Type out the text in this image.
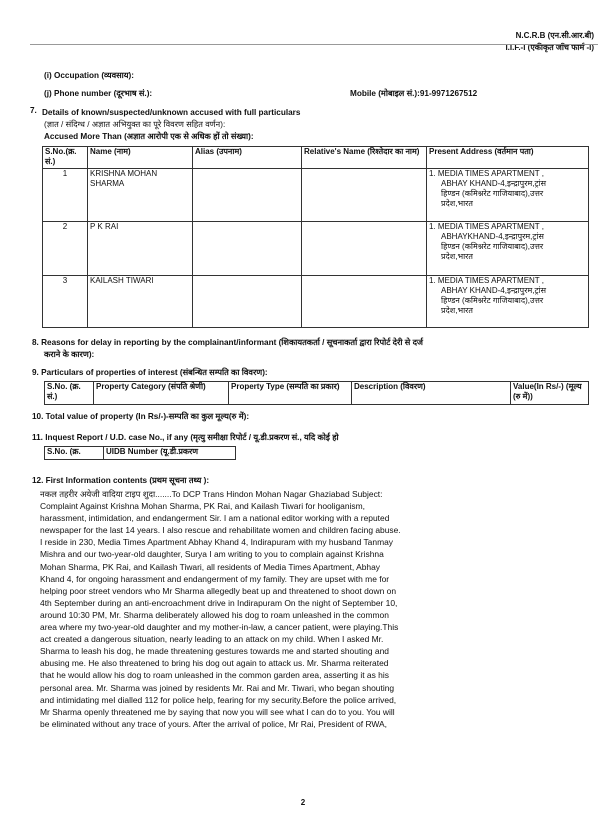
N.C.R.B (एन.सी.आर.बी)
I.I.F.-I (एकीकृत जाँच फार्म -I)
(i) Occupation (व्यवसाय):
(j) Phone number (दूरभाष सं.):	Mobile (मोबाइल सं.):91-9971267512
7. Details of known/suspected/unknown accused with full particulars
(ज्ञात / संदिग्ध / अज्ञात अभियुक्त का पूरे विवरण सहित वर्णन):
Accused More Than (अज्ञात आरोपी एक से अधिक हों तो संख्या):
S.No.(क्र. सं.)	Name (नाम)	Alias (उपनाम)	Relative's Name (रिश्तेदार का नाम)	Present Address (वर्तमान पता)
1	KRISHNA MOHAN SHARMA			1. MEDIA TIMES APARTMENT ,
ABHAY KHAND-4,इन्द्रापुरम,ट्रांस
हिण्डन (कमिश्नरेट गाजियाबाद),उत्तर
प्रदेश,भारत

2	P K RAI			1. MEDIA TIMES APARTMENT ,
ABHAYKHAND-4,इन्द्रापुरम,ट्रांस
हिण्डन (कमिश्नरेट गाजियाबाद),उत्तर
प्रदेश,भारत

3	KAILASH TIWARI			1. MEDIA TIMES APARTMENT ,
ABHAY KHAND-4,इन्द्रापुरम,ट्रांस
हिण्डन (कमिश्नरेट गाजियाबाद),उत्तर
प्रदेश,भारत
8. Reasons for delay in reporting by the complainant/informant (शिकायतकर्ता / सूचनाकर्ता द्वारा रिपोर्ट देरी से दर्ज
कराने के कारण):
9. Particulars of properties of interest (संबन्धित सम्पति का विवरण):
S.No. (क्र. सं.)	Property Category (संपति श्रेणी)	Property Type (सम्पति का प्रकार)	Description (विवरण)	Value(In Rs/-) (मूल्य (रु में))
10. Total value of property (In Rs/-)-सम्पति का कुल मूल्य(रु में):
11. Inquest Report / U.D. case No., if any (मृत्यु समीक्षा रिपोर्ट / यू.डी.प्रकरण सं., यदि कोई हो
S.No. (क्र.	UIDB Number (यू.डी.प्रकरण
12. First Information contents (प्रथम सूचना तथ्य ):
नकल तहरीर अयेजी वादिया टाइप शुदा.......To DCP Trans Hindon Mohan Nagar Ghaziabad Subject:
Complaint Against Krishna Mohan Sharma, PK Rai, and Kailash Tiwari for hooliganism,
harassment, intimidation, and endangerment Sir. I am a national editor working with a reputed
newspaper for the last 14 years. I also rescue and rehabilitate women and children facing abuse.
I reside in 230, Media Times Apartment Abhay Khand 4, Indirapuram with my husband Tanmay
Mishra and our two-year-old daughter, Surya I am writing to you to complain against Krishna
Mohan Sharma, PK Rai, and Kailash Tiwari, all residents of Media Times Apartment, Abhay
Khand 4, for ongoing harassment and endangerment of my family. They are upset with me for
helping poor street vendors who Mr Sharma allegedly beat up and threatened to shoot down on
4th September during an anti-encroachment drive in Indirapuram On the night of September 10,
around 10:30 PM, Mr. Sharma deliberately allowed his dog to roam unleashed in the common
area where my two-year-old daughter and my mother-in-law, a cancer patient, were playing.This
act created a dangerous situation, nearly leading to an attack on my child. When I asked Mr.
Sharma to leash his dog, he made threatening gestures towards me and started shouting and
abusing me. He also threatened to bring his dog out again to attack us. Mr. Sharma reiterated
that he would allow his dog to roam unleashed in the common garden area, asserting it as his
personal area. Mr. Sharma was joined by residents Mr. Rai and Mr. Tiwari, who began shouting
and intimidating meI dialled 112 for police help, fearing for my security.Before the police arrived,
Mr Sharma openly threatened me by saying that now you will see what I can do to you. You will
be eliminated without any trace of yours. After the arrival of police, Mr Rai, President of RWA,
2
